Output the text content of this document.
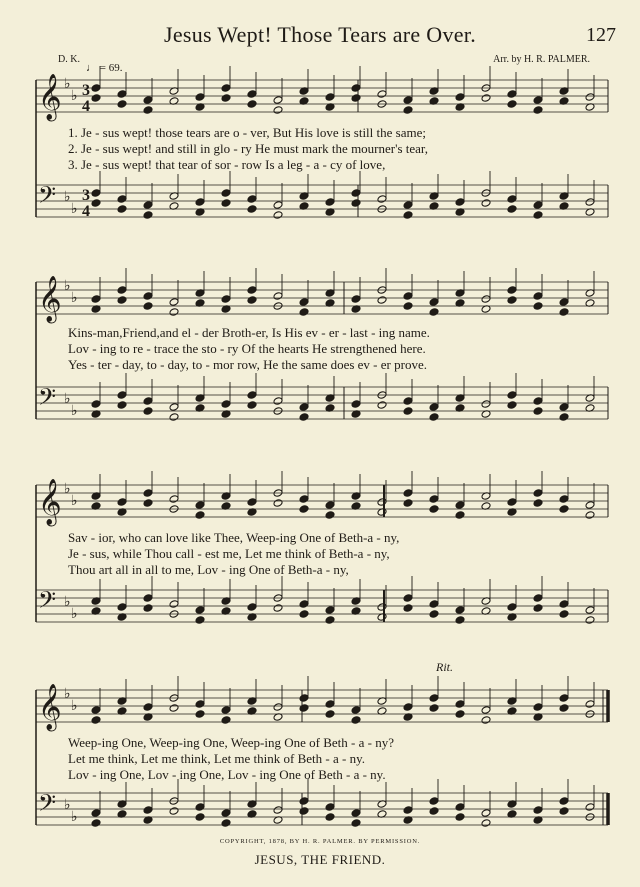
Jesus Wept! Those Tears are Over.	127
D. K.	Arr. by H. R. PALMER.
♩ = 69.
𝄞 ♭
♭ 3
4
𝄢 ♭
♭
3
4
𝄞 ♭
♭
𝄢 ♭
♭
𝄞 ♭
♭
𝄢 ♭
♭
𝄞 ♭
♭
𝄢 ♭
♭
1. Je - sus wept! those tears are o - ver, But His love is still the same;
2. Je - sus wept! and still in glo - ry He must mark the mourner's tear,
3. Je - sus wept! that tear of sor - row Is a leg - a - cy of love,
Kins-man,Friend,and el - der Broth-er, Is His ev - er - last - ing name.
Lov - ing to re - trace the sto - ry Of the hearts He strengthened here.
Yes - ter - day, to - day, to - mor row, He the same does ev - er prove.
Sav - ior, who can love like Thee, Weep-ing One of Beth-a - ny,
Je - sus, while Thou call - est me, Let me think of Beth-a - ny,
Thou art all in all to me, Lov - ing One of Beth-a - ny,
Rit.
Weep-ing One, Weep-ing One, Weep-ing One of Beth - a - ny?
Let me think, Let me think, Let me think of Beth - a - ny.
Lov - ing One, Lov - ing One, Lov - ing One of Beth - a - ny.
COPYRIGHT, 1878, BY H. R. PALMER. BY PERMISSION.
JESUS, THE FRIEND.
